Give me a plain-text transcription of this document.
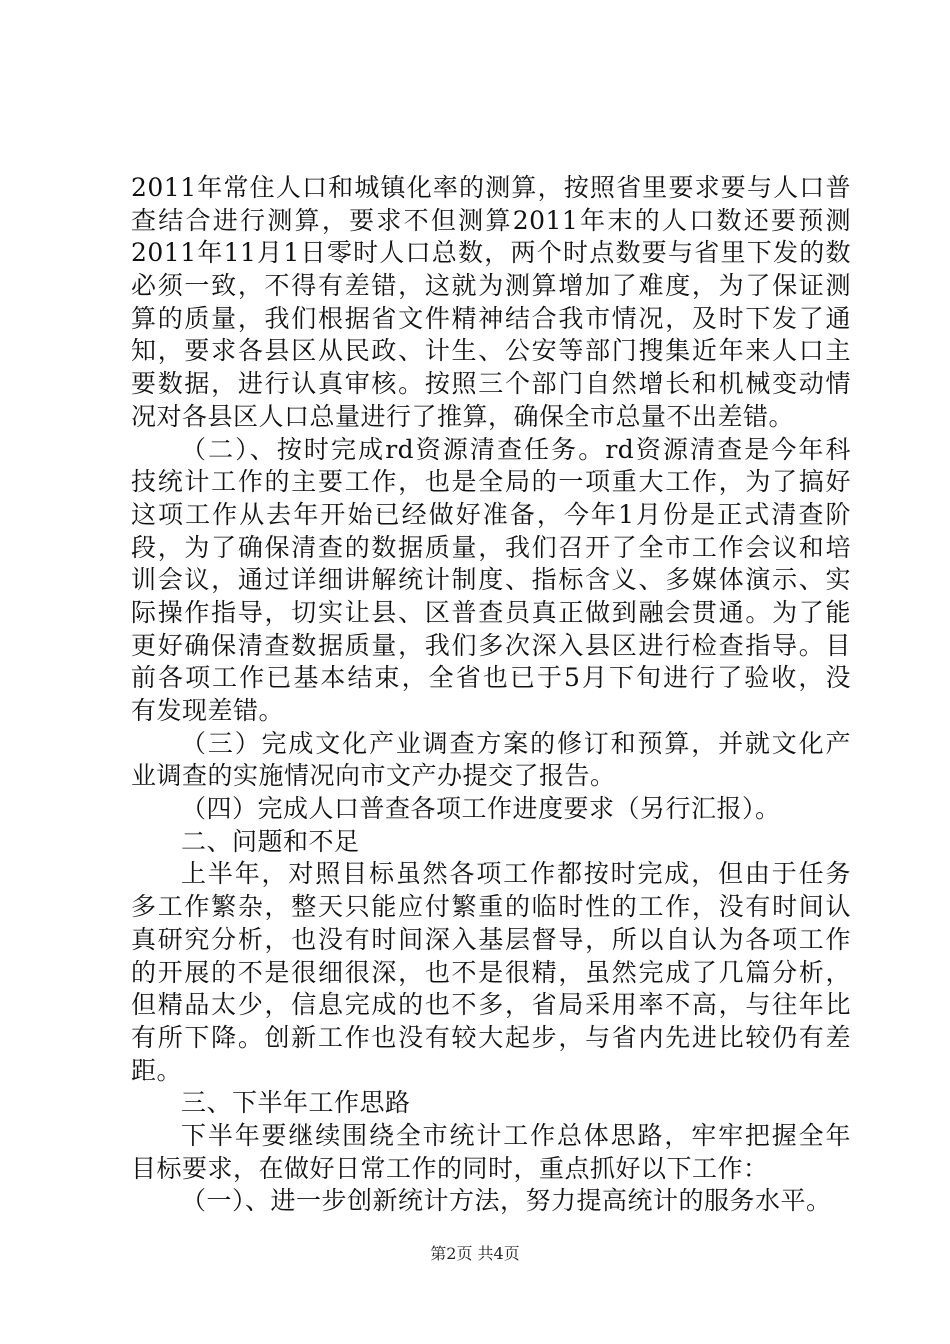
2011年常住人口和城镇化率的测算，按照省里要求要与人口普
查结合进行测算，要求不但测算2011年末的人口数还要预测
2011年11月1日零时人口总数，两个时点数要与省里下发的数
必须一致，不得有差错，这就为测算增加了难度，为了保证测
算的质量，我们根据省文件精神结合我市情况，及时下发了通
知，要求各县区从民政、计生、公安等部门搜集近年来人口主
要数据，进行认真审核。按照三个部门自然增长和机械变动情
况对各县区人口总量进行了推算，确保全市总量不出差错。
（二）、按时完成rd资源清查任务。rd资源清查是今年科
技统计工作的主要工作，也是全局的一项重大工作，为了搞好
这项工作从去年开始已经做好准备，今年1月份是正式清查阶
段，为了确保清查的数据质量，我们召开了全市工作会议和培
训会议，通过详细讲解统计制度、指标含义、多媒体演示、实
际操作指导，切实让县、区普查员真正做到融会贯通。为了能
更好确保清查数据质量，我们多次深入县区进行检查指导。目
前各项工作已基本结束，全省也已于5月下旬进行了验收，没
有发现差错。
（三）完成文化产业调查方案的修订和预算，并就文化产
业调查的实施情况向市文产办提交了报告。
（四）完成人口普查各项工作进度要求（另行汇报）。
二、问题和不足
上半年，对照目标虽然各项工作都按时完成，但由于任务
多工作繁杂，整天只能应付繁重的临时性的工作，没有时间认
真研究分析，也没有时间深入基层督导，所以自认为各项工作
的开展的不是很细很深，也不是很精，虽然完成了几篇分析，
但精品太少，信息完成的也不多，省局采用率不高，与往年比
有所下降。创新工作也没有较大起步，与省内先进比较仍有差
距。
三、下半年工作思路
下半年要继续围绕全市统计工作总体思路，牢牢把握全年
目标要求，在做好日常工作的同时，重点抓好以下工作：
（一）、进一步创新统计方法，努力提高统计的服务水平。
第2页 共4页
